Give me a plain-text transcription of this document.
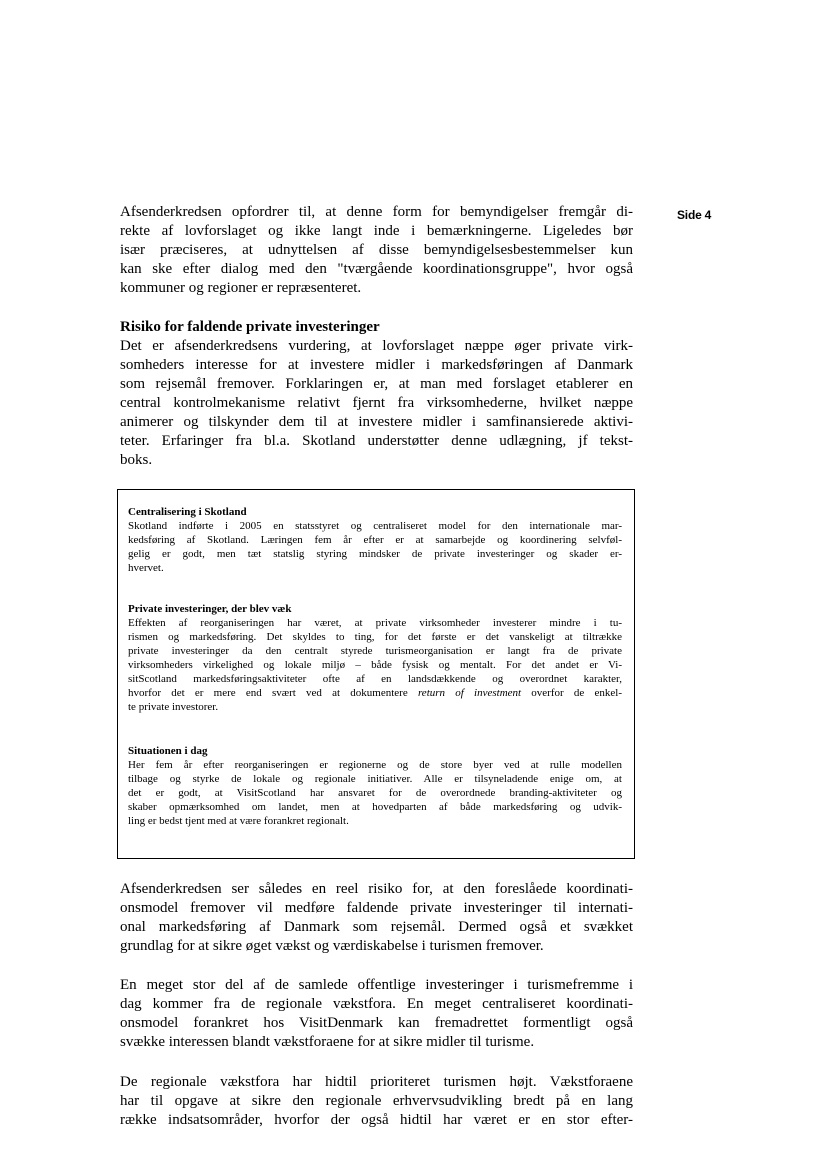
Side 4

Afsenderkredsen opfordrer til, at denne form for bemyndigelser fremgår di-

rekte af lovforslaget og ikke langt inde i bemærkningerne. Ligeledes bør

især præciseres, at udnyttelsen af disse bemyndigelsesbestemmelser kun

kan ske efter dialog med den "tværgående koordinationsgruppe", hvor også

kommuner og regioner er repræsenteret.

Risiko for faldende private investeringer

Det er afsenderkredsens vurdering, at lovforslaget næppe øger private virk-

somheders interesse for at investere midler i markedsføringen af Danmark

som rejsemål fremover. Forklaringen er, at man med forslaget etablerer en

central kontrolmekanisme relativt fjernt fra virksomhederne, hvilket næppe

animerer og tilskynder dem til at investere midler i samfinansierede aktivi-

teter. Erfaringer fra bl.a. Skotland understøtter denne udlægning, jf tekst-

boks.

Centralisering i Skotland

Skotland indførte i 2005 en statsstyret og centraliseret model for den internationale mar-

kedsføring af Skotland. Læringen fem år efter er at samarbejde og koordinering selvføl-

gelig er godt, men tæt statslig styring mindsker de private investeringer og skader er-

hvervet.

Private investeringer, der blev væk

Effekten af reorganiseringen har været, at private virksomheder investerer mindre i tu-

rismen og markedsføring. Det skyldes to ting, for det første er det vanskeligt at tiltrække

private investeringer da den centralt styrede turismeorganisation er langt fra de private

virksomheders virkelighed og lokale miljø – både fysisk og mentalt. For det andet er Vi-

sitScotland markedsføringsaktiviteter ofte af en landsdækkende og overordnet karakter,

hvorfor det er mere end svært ved at dokumentere return of investment overfor de enkel-

te private investorer.

Situationen i dag

Her fem år efter reorganiseringen er regionerne og de store byer ved at rulle modellen

tilbage og styrke de lokale og regionale initiativer. Alle er tilsyneladende enige om, at

det er godt, at VisitScotland har ansvaret for de overordnede branding-aktiviteter og

skaber opmærksomhed om landet, men at hovedparten af både markedsføring og udvik-

ling er bedst tjent med at være forankret regionalt.

Afsenderkredsen ser således en reel risiko for, at den foreslåede koordinati-

onsmodel fremover vil medføre faldende private investeringer til internati-

onal markedsføring af Danmark som rejsemål. Dermed også et svækket

grundlag for at sikre øget vækst og værdiskabelse i turismen fremover.

En meget stor del af de samlede offentlige investeringer i turismefremme i

dag kommer fra de regionale vækstfora. En meget centraliseret koordinati-

onsmodel forankret hos VisitDenmark kan fremadrettet formentligt også

svække interessen blandt vækstforaene for at sikre midler til turisme.

De regionale vækstfora har hidtil prioriteret turismen højt. Vækstforaene

har til opgave at sikre den regionale erhvervsudvikling bredt på en lang

række indsatsområder, hvorfor der også hidtil har været er en stor efter-
